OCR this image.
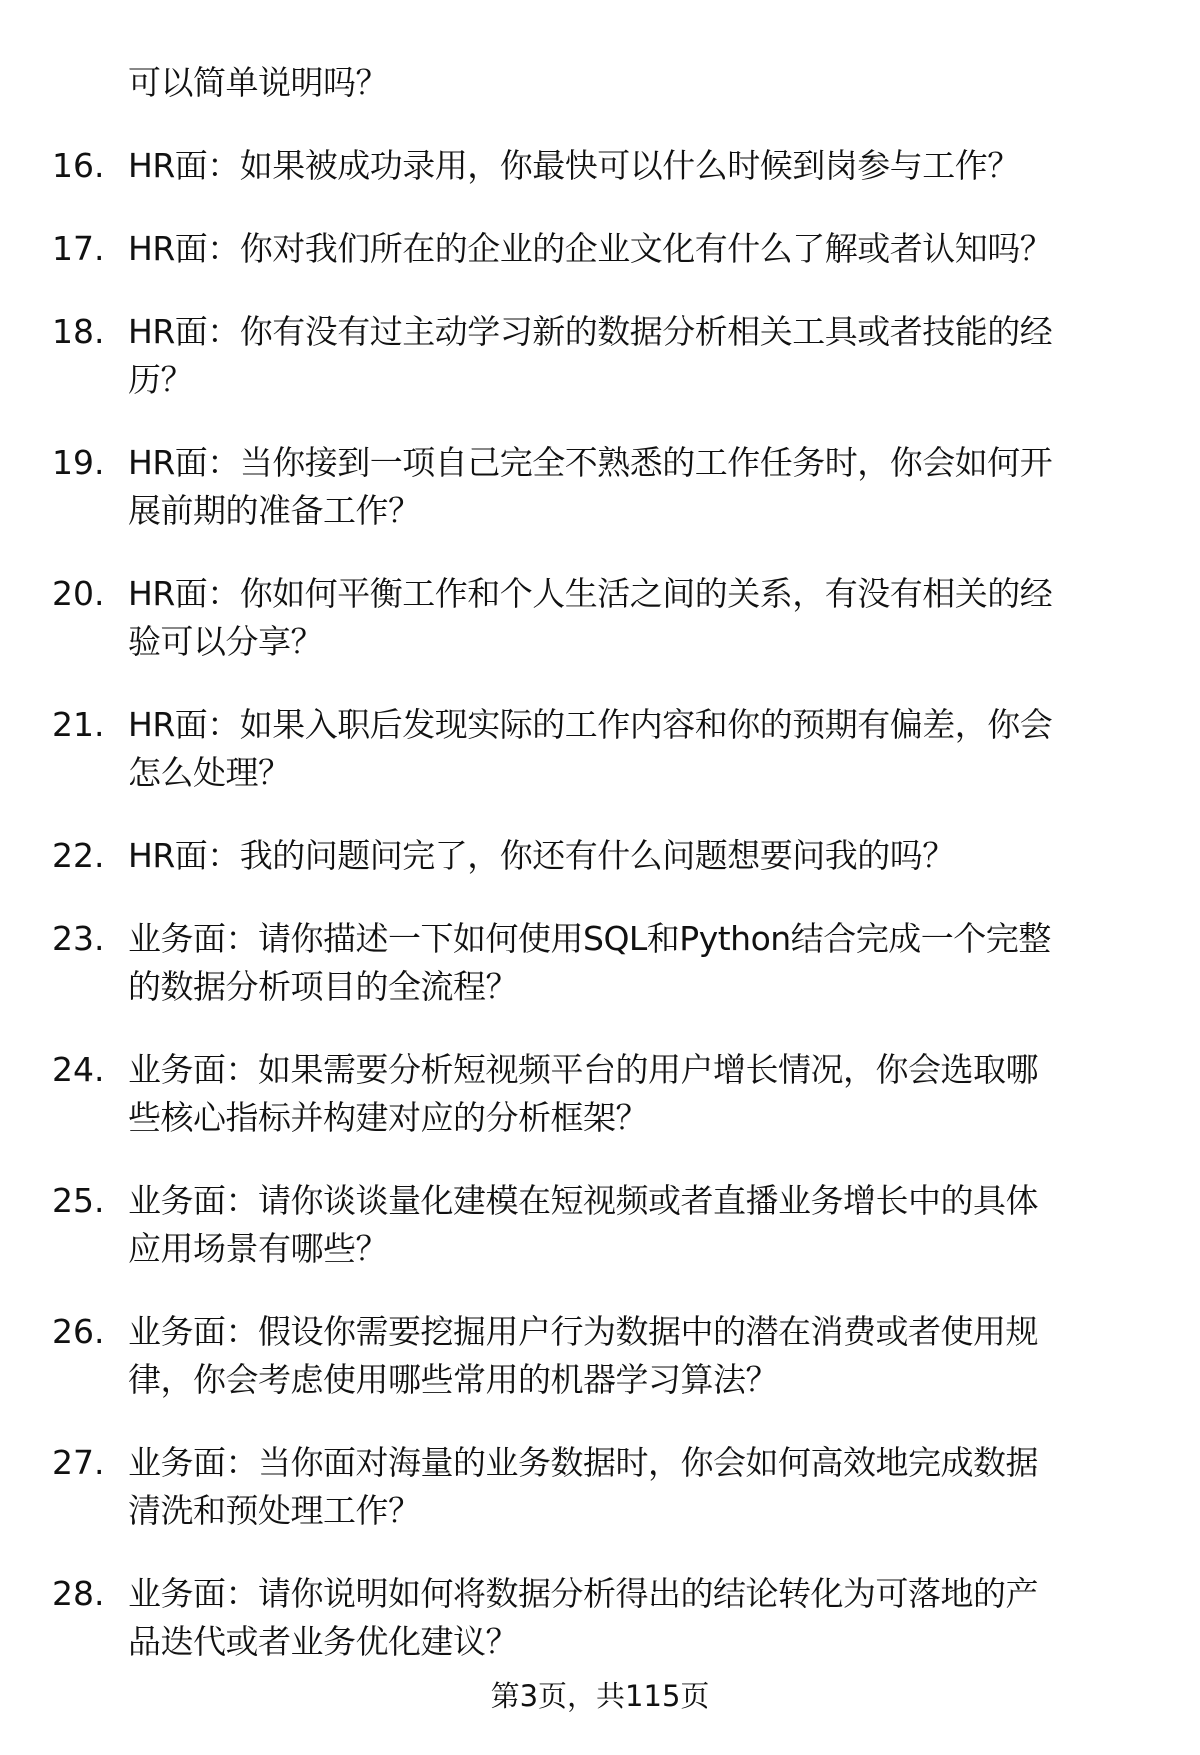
可以简单说明吗？
16. HR面：如果被成功录用，你最快可以什么时候到岗参与工作？
17. HR面：你对我们所在的企业的企业文化有什么了解或者认知吗？
18. HR面：你有没有过主动学习新的数据分析相关工具或者技能的经
历？
19. HR面：当你接到一项自己完全不熟悉的工作任务时，你会如何开
展前期的准备工作？
20. HR面：你如何平衡工作和个人生活之间的关系，有没有相关的经
验可以分享？
21. HR面：如果入职后发现实际的工作内容和你的预期有偏差，你会
怎么处理？
22. HR面：我的问题问完了，你还有什么问题想要问我的吗？
23. 业务面：请你描述一下如何使用SQL和Python结合完成一个完整
的数据分析项目的全流程？
24. 业务面：如果需要分析短视频平台的用户增长情况，你会选取哪
些核心指标并构建对应的分析框架？
25. 业务面：请你谈谈量化建模在短视频或者直播业务增长中的具体
应用场景有哪些？
26. 业务面：假设你需要挖掘用户行为数据中的潜在消费或者使用规
律，你会考虑使用哪些常用的机器学习算法？
27. 业务面：当你面对海量的业务数据时，你会如何高效地完成数据
清洗和预处理工作？
28. 业务面：请你说明如何将数据分析得出的结论转化为可落地的产
品迭代或者业务优化建议？
第3页，共115页
